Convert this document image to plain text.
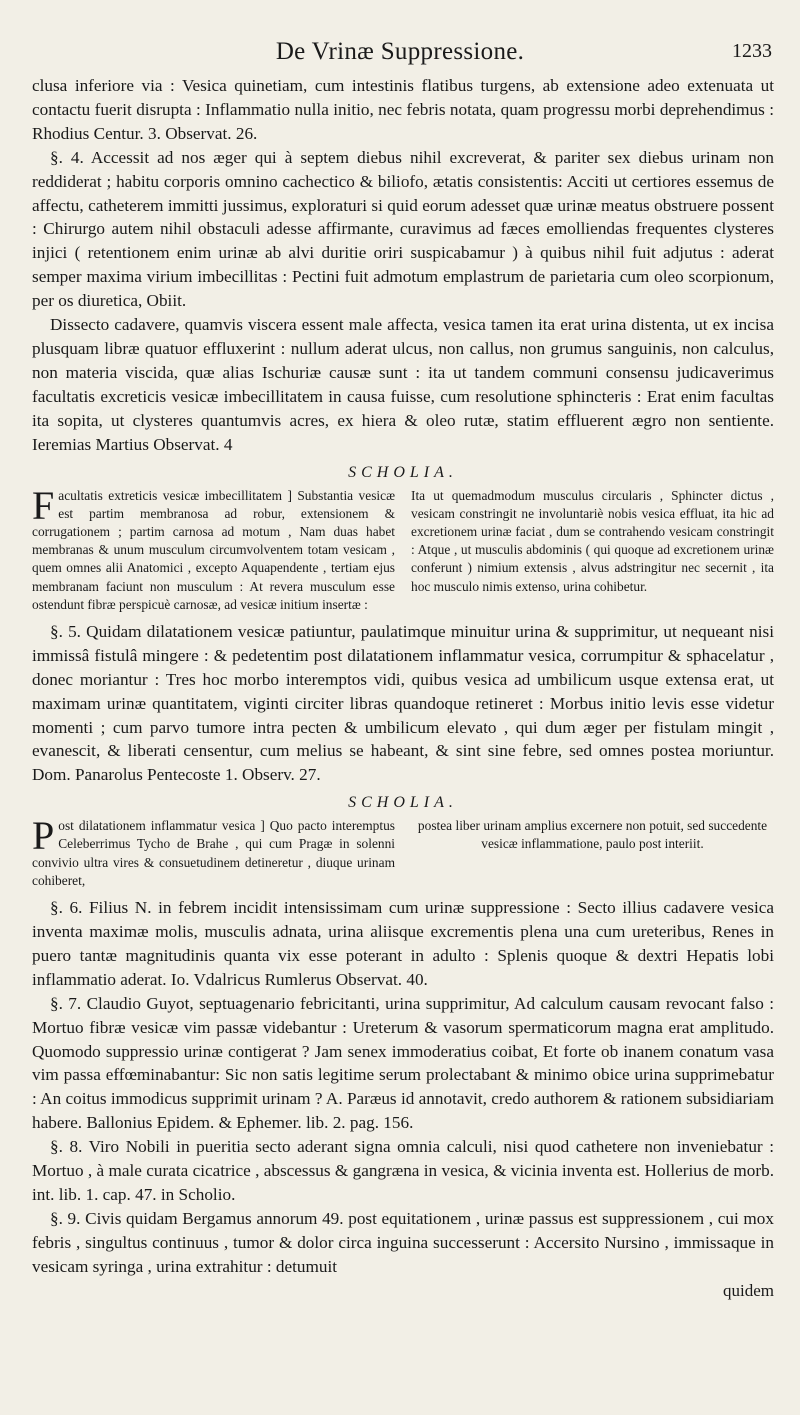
De Vrinæ Suppressione.	1233

clusa inferiore via : Vesica quinetiam, cum intestinis flatibus turgens, ab extensione adeo extenuata ut contactu fuerit disrupta : Inflammatio nulla initio, nec febris notata, quam progressu morbi deprehendimus : Rhodius Centur. 3. Observat. 26.

§. 4. Accessit ad nos æger qui à septem diebus nihil excreverat, & pariter sex diebus urinam non reddiderat ; habitu corporis omnino cachectico & biliofo, ætatis consistentis: Acciti ut certiores essemus de affectu, catheterem immitti jussimus, exploraturi si quid eorum adesset quæ urinæ meatus obstruere possent : Chirurgo autem nihil obstaculi adesse affirmante, curavimus ad fæces emolliendas frequentes clysteres injici ( retentionem enim urinæ ab alvi duritie oriri suspicabamur ) à quibus nihil fuit adjutus : aderat semper maxima virium imbecillitas : Pectini fuit admotum emplastrum de parietaria cum oleo scorpionum, per os diuretica, Obiit.

Dissecto cadavere, quamvis viscera essent male affecta, vesica tamen ita erat urina distenta, ut ex incisa plusquam libræ quatuor effluxerint : nullum aderat ulcus, non callus, non grumus sanguinis, non calculus, non materia viscida, quæ alias Ischuriæ causæ sunt : ita ut tandem communi consensu judicaverimus facultatis excreticis vesicæ imbecillitatem in causa fuisse, cum resolutione sphincteris : Erat enim facultas ita sopita, ut clysteres quantumvis acres, ex hiera & oleo rutæ, statim effluerent ægro non sentiente. Ieremias Martius Observat. 4

SCHOLIA.
Facultatis extreticis vesicæ imbecillitatem ] Substantia vesicæ est partim membranosa ad robur, extensionem & corrugationem ; partim carnosa ad motum , Nam duas habet membranas & unum musculum circumvolventem totam vesicam , quem omnes alii Anatomici , excepto Aquapendente , tertiam ejus membranam faciunt non musculum : At revera musculum esse ostendunt fibræ perspicuè carnosæ, ad vesicæ initium insertæ :
Ita ut quemadmodum musculus circularis , Sphincter dictus , vesicam constringit ne involuntariè nobis vesica effluat, ita hic ad excretionem urinæ faciat , dum se contrahendo vesicam constringit : Atque , ut musculis abdominis ( qui quoque ad excretionem urinæ conferunt ) nimium extensis , alvus adstringitur nec secernit , ita hoc musculo nimis extenso, urina cohibetur.

§. 5. Quidam dilatationem vesicæ patiuntur, paulatimque minuitur urina & supprimitur, ut nequeant nisi immissâ fistulâ mingere : & pedetentim post dilatationem inflammatur vesica, corrumpitur & sphacelatur , donec moriantur : Tres hoc morbo interemptos vidi, quibus vesica ad umbilicum usque extensa erat, ut maximam urinæ quantitatem, viginti circiter libras quandoque retineret : Morbus initio levis esse videtur momenti ; cum parvo tumore intra pecten & umbilicum elevato , qui dum æger per fistulam mingit , evanescit, & liberati censentur, cum melius se habeant, & sint sine febre, sed omnes postea moriuntur. Dom. Panarolus Pentecoste 1. Observ. 27.

SCHOLIA.
Post dilatationem inflammatur vesica ] Quo pacto interemptus Celeberrimus Tycho de Brahe , qui cum Pragæ in solenni convivio ultra vires & consuetudinem detineretur , diuque urinam cohiberet,
postea liber urinam amplius excernere non potuit, sed succedente vesicæ inflammatione, paulo post interiit.

§. 6. Filius N. in febrem incidit intensissimam cum urinæ suppressione : Secto illius cadavere vesica inventa maximæ molis, musculis adnata, urina aliisque excrementis plena una cum ureteribus, Renes in puero tantæ magnitudinis quanta vix esse poterant in adulto : Splenis quoque & dextri Hepatis lobi inflammatio aderat. Io. Vdalricus Rumlerus Observat. 40.

§. 7. Claudio Guyot, septuagenario febricitanti, urina supprimitur, Ad calculum causam revocant falso : Mortuo fibræ vesicæ vim passæ videbantur : Ureterum & vasorum spermaticorum magna erat amplitudo. Quomodo suppressio urinæ contigerat ? Jam senex immoderatius coibat, Et forte ob inanem conatum vasa vim passa effœminabantur: Sic non satis legitime serum prolectabant & minimo obice urina supprimebatur : An coitus immodicus supprimit urinam ? A. Paræus id annotavit, credo authorem & rationem subsidiariam habere. Ballonius Epidem. & Ephemer. lib. 2. pag. 156.

§. 8. Viro Nobili in pueritia secto aderant signa omnia calculi, nisi quod cathetere non inveniebatur : Mortuo , à male curata cicatrice , abscessus & gangræna in vesica, & vicinia inventa est. Hollerius de morb. int. lib. 1. cap. 47. in Scholio.

§. 9. Civis quidam Bergamus annorum 49. post equitationem , urinæ passus est suppressionem , cui mox febris , singultus continuus , tumor & dolor circa inguina successerunt : Accersito Nursino , immissaque in vesicam syringa , urina extrahitur : detumuit

quidem
